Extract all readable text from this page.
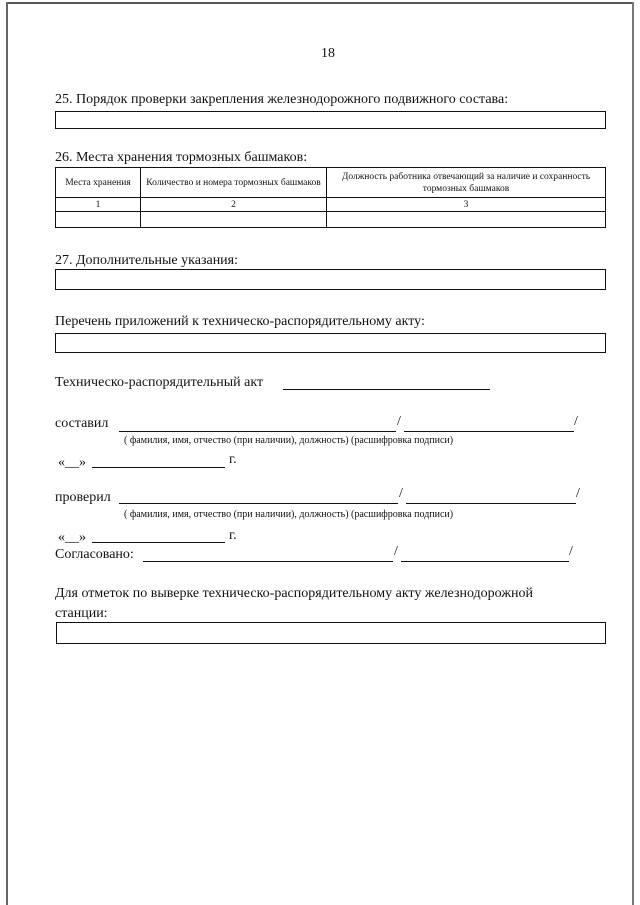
18
25. Порядок проверки закрепления железнодорожного подвижного состава:
26. Места хранения тормозных башмаков:
Места хранения	Количество и номера тормозных башмаков	Должность работника отвечающий за наличие и сохранность тормозных башмаков
1	2	3

27. Дополнительные указания:
Перечень приложений к техническо-распорядительному акту:
Техническо-распорядительный акт
составил	/	/
( фамилия, имя, отчество (при наличии), должность) (расшифровка подписи)
«__»	г.
проверил	/	/
( фамилия, имя, отчество (при наличии), должность) (расшифровка подписи)
«__»	г.
Согласовано:	/	/
Для отметок по выверке техническо-распорядительному акту железнодорожной станции:
